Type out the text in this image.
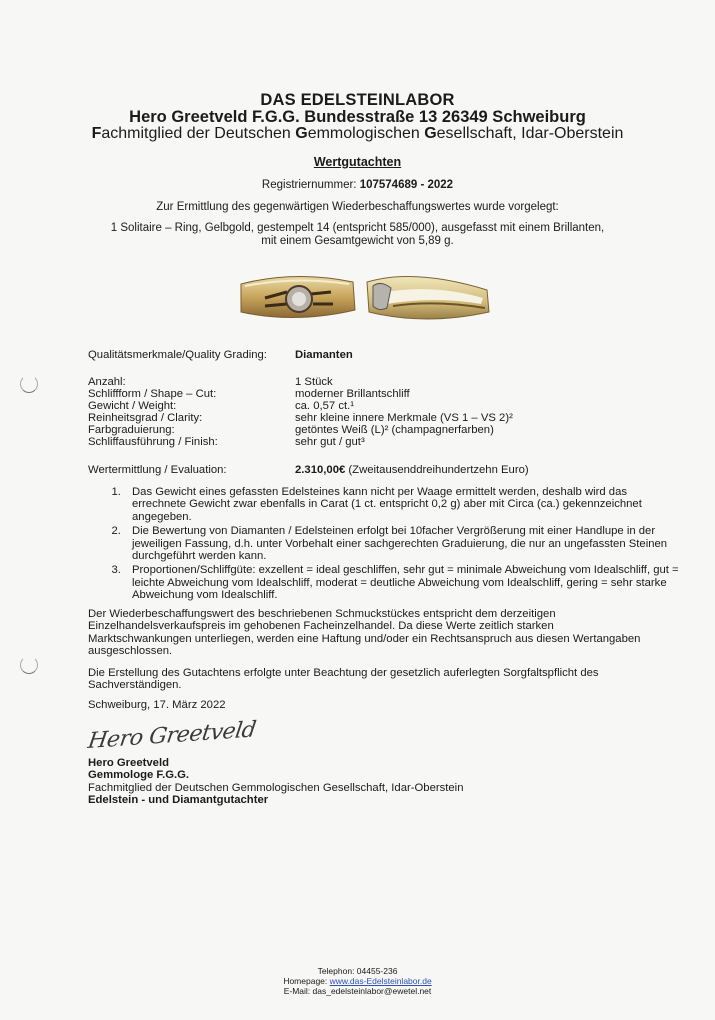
DAS EDELSTEINLABOR
Hero Greetveld F.G.G. Bundesstraße 13 26349 Schweiburg
Fachmitglied der Deutschen Gemmologischen Gesellschaft, Idar-Oberstein
Wertgutachten
Registriernummer: 107574689 - 2022
Zur Ermittlung des gegenwärtigen Wiederbeschaffungswertes wurde vorgelegt:
1 Solitaire – Ring, Gelbgold, gestempelt 14 (entspricht 585/000), ausgefasst mit einem Brillanten,
mit einem Gesamtgewicht von 5,89 g.
Qualitätsmerkmale/Quality Grading: Diamanten
Anzahl:	1 Stück
Schliffform / Shape – Cut:	moderner Brillantschliff
Gewicht / Weight:	ca. 0,57 ct.¹
Reinheitsgrad / Clarity:	sehr kleine innere Merkmale (VS 1 – VS 2)²
Farbgraduierung:	getöntes Weiß (L)² (champagnerfarben)
Schliffausführung / Finish:	sehr gut / gut³
Wertermittlung / Evaluation:	2.310,00€ (Zweitausenddreihundertzehn Euro)
1. Das Gewicht eines gefassten Edelsteines kann nicht per Waage ermittelt werden, deshalb wird das errechnete Gewicht zwar ebenfalls in Carat (1 ct. entspricht 0,2 g) aber mit Circa (ca.) gekennzeichnet angegeben.
2. Die Bewertung von Diamanten / Edelsteinen erfolgt bei 10facher Vergrößerung mit einer Handlupe in der jeweiligen Fassung, d.h. unter Vorbehalt einer sachgerechten Graduierung, die nur an ungefassten Steinen durchgeführt werden kann.
3. Proportionen/Schliffgüte: exzellent = ideal geschliffen, sehr gut = minimale Abweichung vom Idealschliff, gut = leichte Abweichung vom Idealschliff, moderat = deutliche Abweichung vom Idealschliff, gering = sehr starke Abweichung vom Idealschliff.
Der Wiederbeschaffungswert des beschriebenen Schmuckstückes entspricht dem derzeitigen Einzelhandelsverkaufspreis im gehobenen Facheinzelhandel. Da diese Werte zeitlich starken Marktschwankungen unterliegen, werden eine Haftung und/oder ein Rechtsanspruch aus diesen Wertangaben ausgeschlossen.
Die Erstellung des Gutachtens erfolgte unter Beachtung der gesetzlich auferlegten Sorgfaltspflicht des Sachverständigen.
Schweiburg, 17. März 2022
Hero Greetveld
Hero Greetveld
Gemmologe F.G.G.
Fachmitglied der Deutschen Gemmologischen Gesellschaft, Idar-Oberstein
Edelstein - und Diamantgutachter
Telephon: 04455-236
Homepage: www.das-Edelsteinlabor.de
E-Mail: das_edelsteinlabor@ewetel.net
